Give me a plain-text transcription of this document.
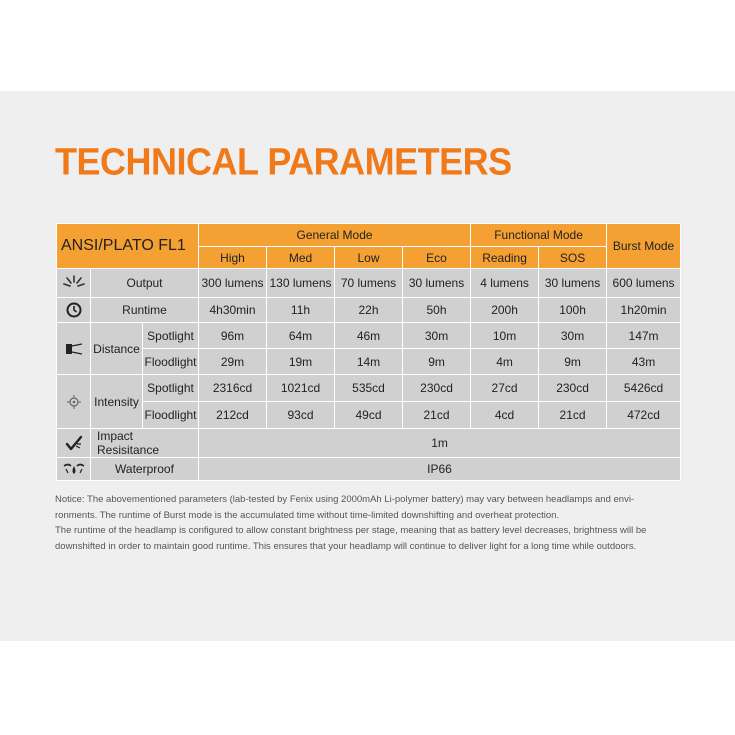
TECHNICAL PARAMETERS
ANSI/PLATO FL1			General Mode				Functional Mode		Burst Mode
			High	Med	Low	Eco	Reading	SOS	

	Output		300 lumens	130 lumens	70 lumens	30 lumens	4 lumens	30 lumens	600 lumens

	Runtime		4h30min	11h	22h	50h	200h	100h	1h20min

	Distance	Spotlight	96m	64m	46m	30m	10m	30m	147m
		Floodlight	29m	19m	14m	9m	4m	9m	43m

	Intensity	Spotlight	2316cd	1021cd	535cd	230cd	27cd	230cd	5426cd
		Floodlight	212cd	93cd	49cd	21cd	4cd	21cd	472cd

	Impact Resisitance		1m						

	Waterproof		IP66						

Notice: The abovementioned parameters (lab-tested by Fenix using 2000mAh Li-polymer battery) may vary between headlamps and envi-
ronments. The runtime of Burst mode is the accumulated time without time-limited downshifting and overheat protection.
The runtime of the headlamp is configured to allow constant brightness per stage, meaning that as battery level decreases, brightness will be
downshifted in order to maintain good runtime. This ensures that your headlamp will continue to deliver light for a long time while outdoors.
